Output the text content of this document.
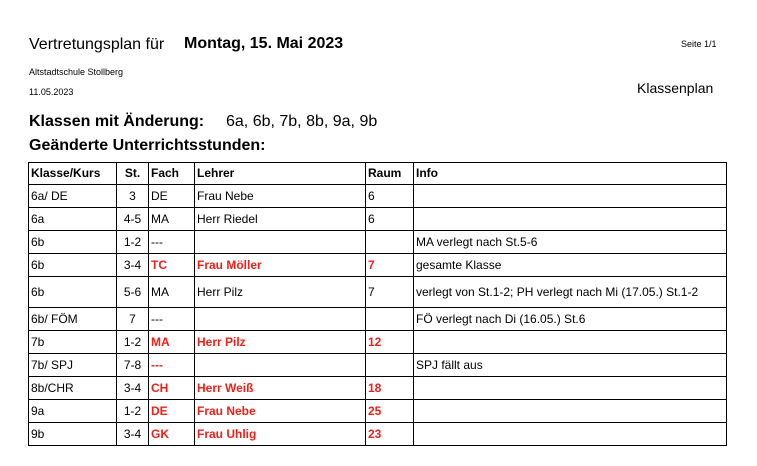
Vertretungsplan für Montag, 15. Mai 2023	Seite 1/1
Altstadtschule Stollberg
11.05.2023	Klassenplan
Klassen mit Änderung: 6a, 6b, 7b, 8b, 9a, 9b
Geänderte Unterrichtsstunden:
Klasse/Kurs	St.	Fach	Lehrer	Raum	Info
6a/ DE	3	DE	Frau Nebe	6	
6a	4-5	MA	Herr Riedel	6	
6b	1-2	---			MA verlegt nach St.5-6
6b	3-4	TC	Frau Möller	7	gesamte Klasse
6b	5-6	MA	Herr Pilz	7	verlegt von St.1-2; PH verlegt nach Mi (17.05.) St.1-2
6b/ FÖM	7	---			FÖ verlegt nach Di (16.05.) St.6
7b	1-2	MA	Herr Pilz	12	
7b/ SPJ	7-8	---			SPJ fällt aus
8b/CHR	3-4	CH	Herr Weiß	18	
9a	1-2	DE	Frau Nebe	25	
9b	3-4	GK	Frau Uhlig	23	
